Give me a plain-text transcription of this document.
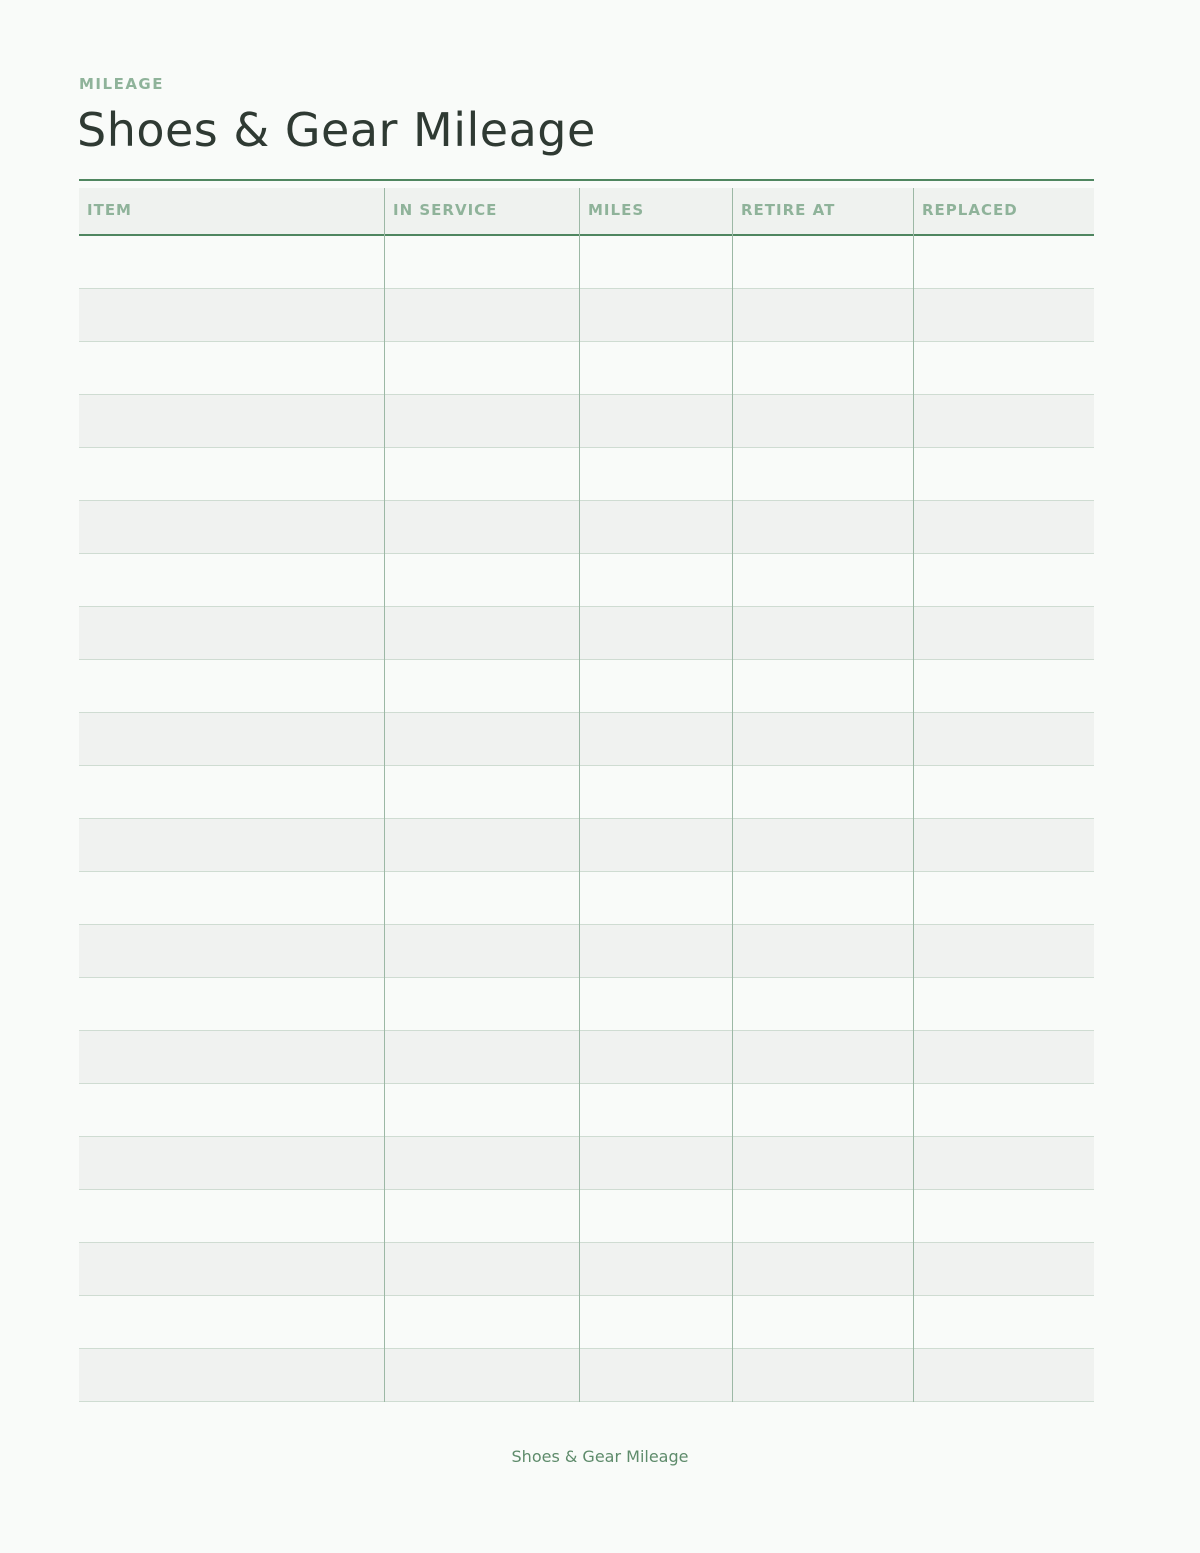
MILEAGE
Shoes & Gear Mileage
ITEM	IN SERVICE	MILES	RETIRE AT	REPLACED
Shoes & Gear Mileage
